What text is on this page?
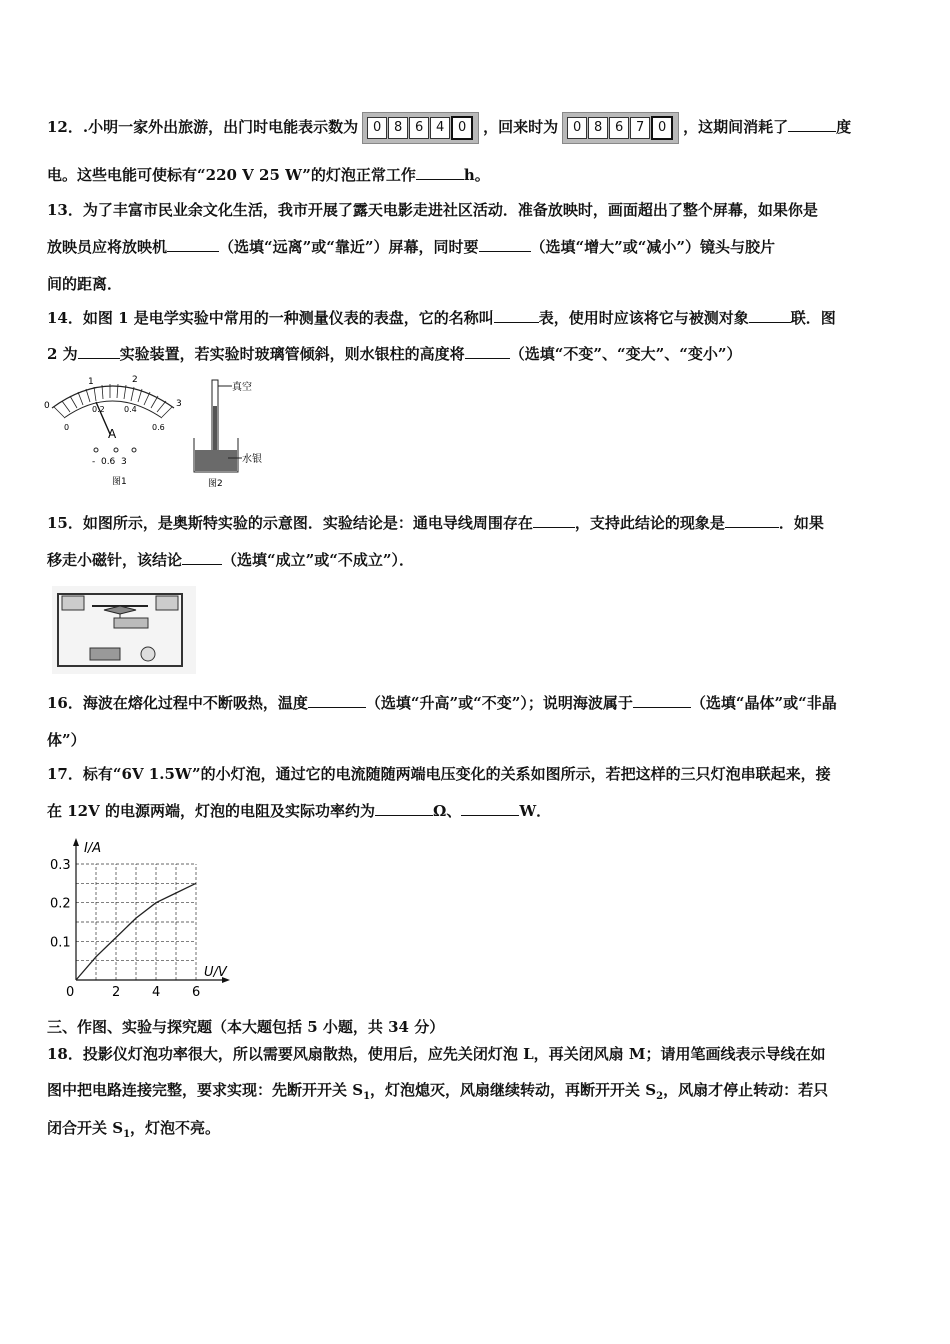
12．.小明一家外出旅游，出门时电能表示数为 0 8 6 4 0 ，回来时为 0 8 6 7 0 ，这期间消耗了	度
电。这些电能可使标有“220 V 25 W”的灯泡正常工作	h。
13．为了丰富市民业余文化生活，我市开展了露天电影走进社区活动．准备放映时，画面超出了整个屏幕，如果你是
放映员应将放映机	（选填“远离”或“靠近”）屏幕，同时要	（选填“增大”或“减小”）镜头与胶片
间的距离．
14．如图 1 是电学实验中常用的一种测量仪表的表盘，它的名称叫	表，使用时应该将它与被测对象	联．图
2 为	实验装置，若实验时玻璃管倾斜，则水银柱的高度将	（选填“不变”、“变大”、“变小”）
1	2
0	3
0
0.2 0.4
0.6
A
-  0.6  3
图1
真空
水银
图2
15．如图所示，是奥斯特实验的示意图．实验结论是：通电导线周围存在	，支持此结论的现象是	．如果
移走小磁针，该结论	（选填“成立”或“不成立”）．
16．海波在熔化过程中不断吸热，温度	（选填“升高”或“不变”）；说明海波属于	（选填“晶体”或“非晶
体”）
17．标有“6V 1.5W”的小灯泡，通过它的电流随随两端电压变化的关系如图所示，若把这样的三只灯泡串联起来，接
在 12V 的电源两端，灯泡的电阻及实际功率约为	Ω、	W．
I/A
U/V
0	2 4 6
0.1
0.2
0.3
三、作图、实验与探究题（本大题包括 5 小题，共 34 分）
18．投影仪灯泡功率很大，所以需要风扇散热，使用后，应先关闭灯泡 L，再关闭风扇 M；请用笔画线表示导线在如
图中把电路连接完整，要求实现：先断开开关 $S_1$，灯泡熄灭，风扇继续转动，再断开开关 $S_2$，风扇才停止转动：若只
闭合开关 $S_1$，灯泡不亮。
